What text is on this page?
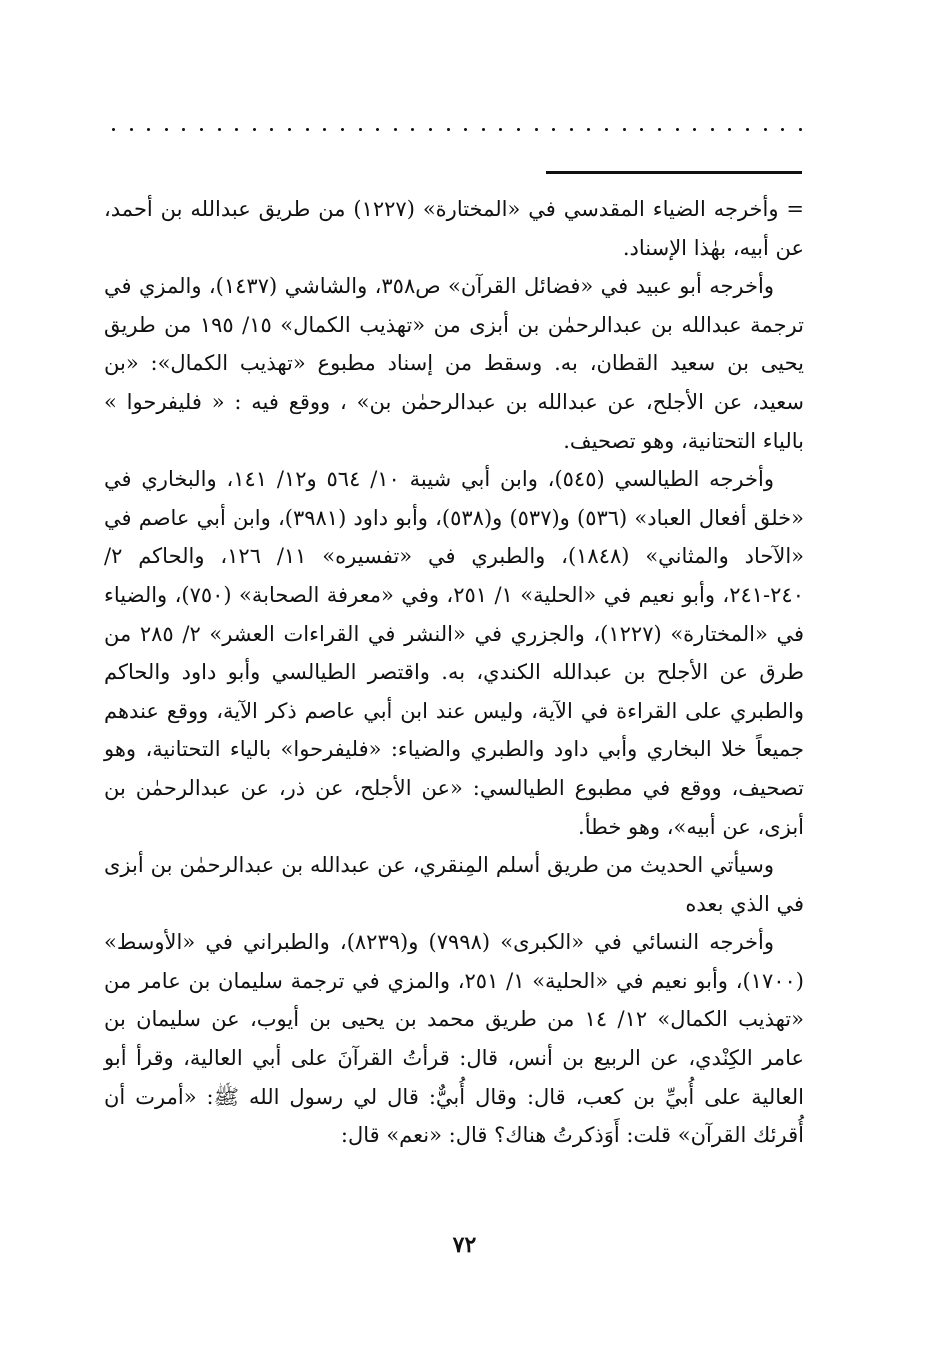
= وأخرجه الضياء المقدسي في «المختارة» (١٢٢٧) من طريق عبدالله بن أحمد، عن أبيه، بهٰذا الإسناد.

وأخرجه أبو عبيد في «فضائل القرآن» ص٣٥٨، والشاشي (١٤٣٧)، والمزي في ترجمة عبدالله بن عبدالرحمٰن بن أبزى من «تهذيب الكمال» ١٥/ ١٩٥ من طريق يحيى بن سعيد القطان، به. وسقط من إسناد مطبوع «تهذيب الكمال»: «بن سعيد، عن الأجلح، عن عبدالله بن عبدالرحمٰن بن» ، ووقع فيه : « فليفرحوا » بالياء التحتانية، وهو تصحيف.

وأخرجه الطيالسي (٥٤٥)، وابن أبي شيبة ١٠/ ٥٦٤ و١٢/ ١٤١، والبخاري في «خلق أفعال العباد» (٥٣٦) و(٥٣٧) و(٥٣٨)، وأبو داود (٣٩٨١)، وابن أبي عاصم في «الآحاد والمثاني» (١٨٤٨)، والطبري في «تفسيره» ١١/ ١٢٦، والحاكم ٢/ ٢٤٠-٢٤١، وأبو نعيم في «الحلية» ١/ ٢٥١، وفي «معرفة الصحابة» (٧٥٠)، والضياء في «المختارة» (١٢٢٧)، والجزري في «النشر في القراءات العشر» ٢/ ٢٨٥ من طرق عن الأجلح بن عبدالله الكندي، به. واقتصر الطيالسي وأبو داود والحاكم والطبري على القراءة في الآية، وليس عند ابن أبي عاصم ذكر الآية، ووقع عندهم جميعاً خلا البخاري وأبي داود والطبري والضياء: «فليفرحوا» بالياء التحتانية، وهو تصحيف، ووقع في مطبوع الطيالسي: «عن الأجلح، عن ذر، عن عبدالرحمٰن بن أبزى، عن أبيه»، وهو خطأ.

وسيأتي الحديث من طريق أسلم المِنقري، عن عبدالله بن عبدالرحمٰن بن أبزى في الذي بعده

وأخرجه النسائي في «الكبرى» (٧٩٩٨) و(٨٢٣٩)، والطبراني في «الأوسط» (١٧٠٠)، وأبو نعيم في «الحلية» ١/ ٢٥١، والمزي في ترجمة سليمان بن عامر من «تهذيب الكمال» ١٢/ ١٤ من طريق محمد بن يحيى بن أيوب، عن سليمان بن عامر الكِنْدي، عن الربيع بن أنس، قال: قرأتُ القرآنَ على أبي العالية، وقرأ أبو العالية على أُبيِّ بن كعب، قال: وقال أُبيٌّ: قال لي رسول الله ﷺ: «أمرت أن أُقرئك القرآن» قلت: أَوَذكرتُ هناك؟ قال: «نعم» قال:

٧٢
